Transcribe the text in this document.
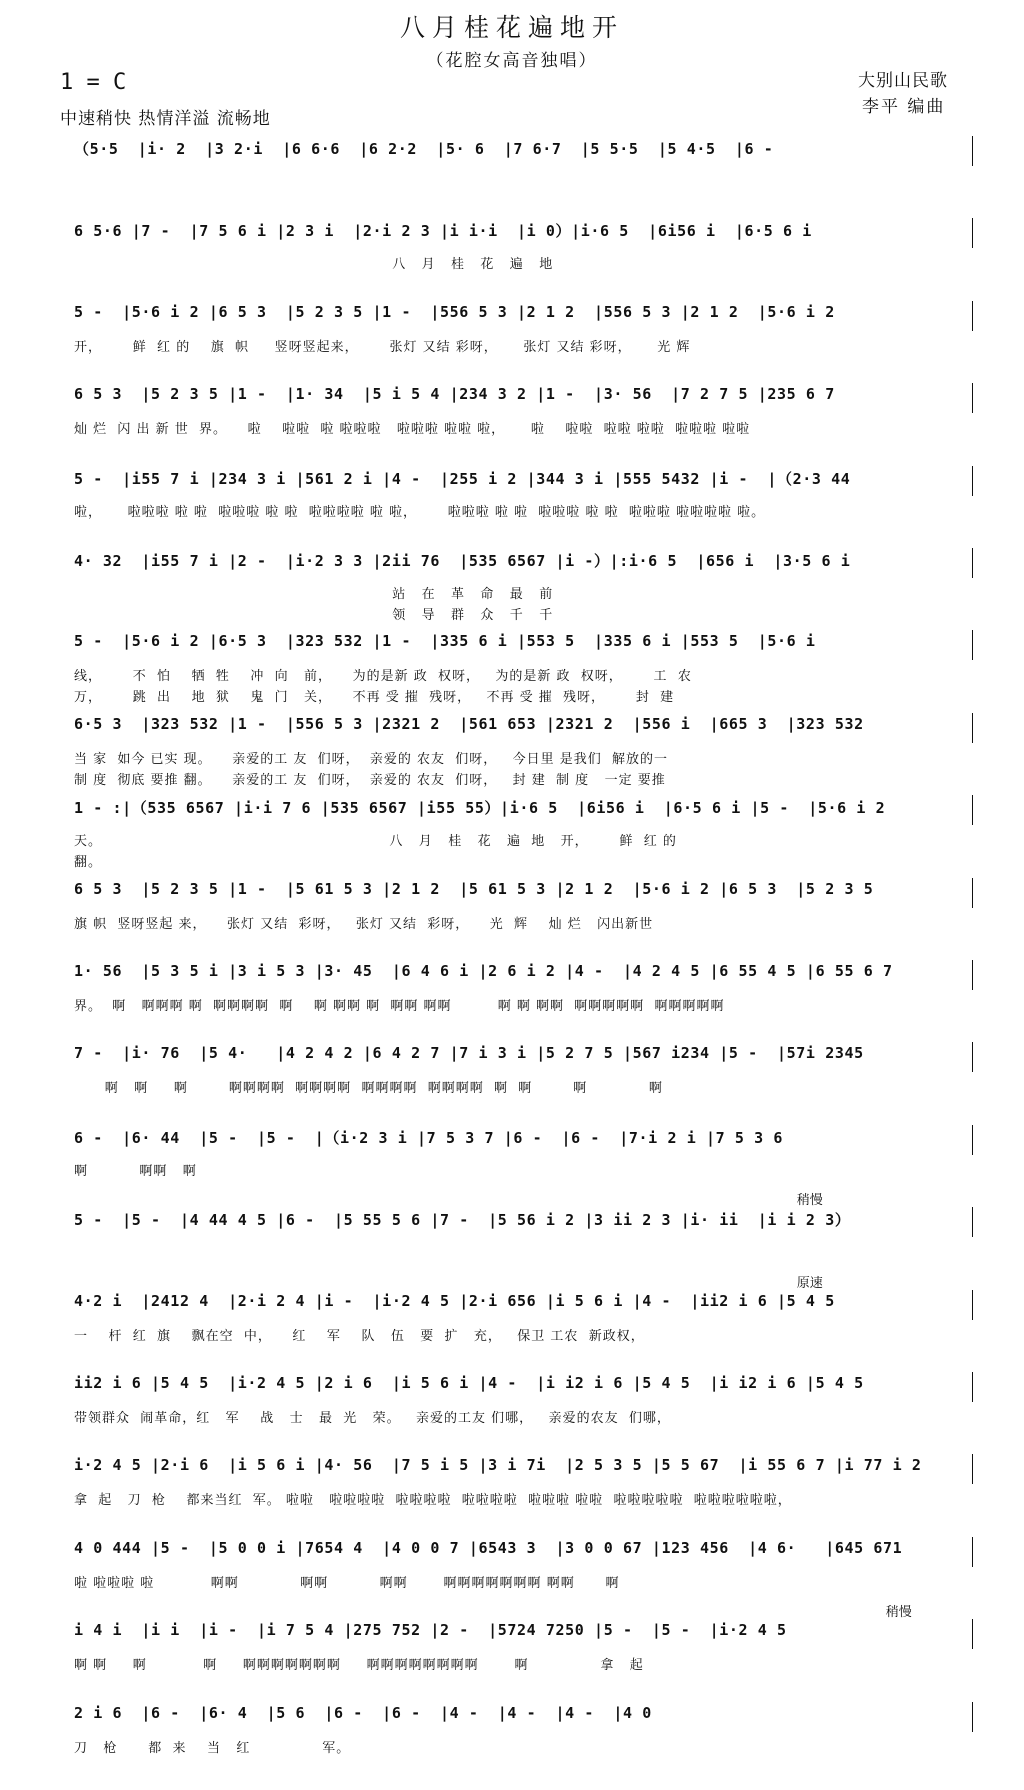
八月桂花遍地开
（花腔女高音独唱）
1 = C
中速稍快 热情洋溢 流畅地
大别山民歌
李平 编曲
（5·5  |i· 2  |3 2·i  |6 6·6  |6 2·2  |5· 6  |7 6·7  |5 5·5  |5 4·5  |6 -
6 5·6 |7 -  |7 5 6 i |2 3 i  |2·i 2 3 |i i·i  |i 0）|i·6 5  |6i56 i  |6·5 6 i
八   月   桂   花   遍   地
5 -  |5·6 i 2 |6 5 3  |5 2 3 5 |1 -  |556 5 3 |2 1 2  |556 5 3 |2 1 2  |5·6 i 2
开，      鲜  红 的    旗  帜     竖呀竖起来，      张灯 又结 彩呀，     张灯 又结 彩呀，     光 辉
6 5 3  |5 2 3 5 |1 -  |1· 34  |5 i 5 4 |234 3 2 |1 -  |3· 56  |7 2 7 5 |235 6 7
灿 烂  闪 出 新 世  界。    啦    啦啦  啦 啦啦啦   啦啦啦 啦啦 啦，     啦    啦啦  啦啦 啦啦  啦啦啦 啦啦
5 -  |i55 7 i |234 3 i |561 2 i |4 -  |255 i 2 |344 3 i |555 5432 |i -  |（2·3 44
啦，     啦啦啦 啦 啦  啦啦啦 啦 啦  啦啦啦啦 啦 啦，      啦啦啦 啦 啦  啦啦啦 啦 啦  啦啦啦 啦啦啦啦 啦。
4· 32  |i55 7 i |2 -  |i·2 3 3 |2ii 76  |535 6567 |i -）|:i·6 5  |656 i  |3·5 6 i
站   在   革   命   最   前
领   导   群   众   千   千
5 -  |5·6 i 2 |6·5 3  |323 532 |1 -  |335 6 i |553 5  |335 6 i |553 5  |5·6 i
线，      不  怕    牺  牲    冲  向   前，    为的是新 政  权呀，   为的是新 政  权呀，      工  农
万，      跳  出    地  狱    鬼  门   关，    不再 受 摧  残呀，   不再 受 摧  残呀，      封  建
6·5 3  |323 532 |1 -  |556 5 3 |2321 2  |561 653 |2321 2  |556 i  |665 3  |323 532
当 家  如今 已实 现。    亲爱的工 友  们呀，  亲爱的 农友  们呀，   今日里 是我们  解放的一
制 度  彻底 要推 翻。    亲爱的工 友  们呀，  亲爱的 农友  们呀，   封 建  制 度   一定 要推
1 - :|（535 6567 |i·i 7 6 |535 6567 |i55 55）|i·6 5  |6i56 i  |6·5 6 i |5 -  |5·6 i 2
天。                                                        八   月   桂   花   遍  地   开，      鲜  红 的
翻。
6 5 3  |5 2 3 5 |1 -  |5 61 5 3 |2 1 2  |5 61 5 3 |2 1 2  |5·6 i 2 |6 5 3  |5 2 3 5
旗 帜  竖呀竖起 来，    张灯 又结  彩呀，   张灯 又结  彩呀，    光  辉    灿 烂   闪出新世
1· 56  |5 3 5 i |3 i 5 3 |3· 45  |6 4 6 i |2 6 i 2 |4 -  |4 2 4 5 |6 55 4 5 |6 55 6 7
界。  啊   啊啊啊 啊  啊啊啊啊  啊    啊 啊啊 啊  啊啊 啊啊         啊 啊 啊啊  啊啊啊啊啊  啊啊啊啊啊
7 -  |i· 76  |5 4·   |4 2 4 2 |6 4 2 7 |7 i 3 i |5 2 7 5 |567 i234 |5 -  |57i 2345
啊   啊     啊        啊啊啊啊  啊啊啊啊  啊啊啊啊  啊啊啊啊  啊  啊        啊            啊
6 -  |6· 44  |5 -  |5 -  |（i·2 3 i |7 5 3 7 |6 -  |6 -  |7·i 2 i |7 5 3 6
啊          啊啊   啊
5 -  |5 -  |4 44 4 5 |6 -  |5 55 5 6 |7 -  |5 56 i 2 |3 ii 2 3 |i· ii  |i i 2 3）
稍慢
4·2 i  |2412 4  |2·i 2 4 |i -  |i·2 4 5 |2·i 656 |i 5 6 i |4 -  |ii2 i 6 |5 4 5
一    杆  红  旗    飘在空  中，    红    军    队   伍   要  扩   充，   保卫 工农  新政权，
原速
ii2 i 6 |5 4 5  |i·2 4 5 |2 i 6  |i 5 6 i |4 -  |i i2 i 6 |5 4 5  |i i2 i 6 |5 4 5
带领群众  闹革命，红   军    战   士   最  光   荣。   亲爱的工友 们哪，   亲爱的农友  们哪，
i·2 4 5 |2·i 6  |i 5 6 i |4· 56  |7 5 i 5 |3 i 7i  |2 5 3 5 |5 5 67  |i 55 6 7 |i 77 i 2
拿  起   刀  枪    都来当红  军。 啦啦   啦啦啦啦  啦啦啦啦  啦啦啦啦  啦啦啦 啦啦  啦啦啦啦啦  啦啦啦啦啦啦，
4 0 444 |5 -  |5 0 0 i |7654 4  |4 0 0 7 |6543 3  |3 0 0 67 |123 456  |4 6·   |645 671
啦 啦啦啦 啦           啊啊            啊啊          啊啊       啊啊啊啊啊啊啊 啊啊      啊
i 4 i  |i i  |i -  |i 7 5 4 |275 752 |2 -  |5724 7250 |5 -  |5 -  |i·2 4 5
啊 啊     啊           啊     啊啊啊啊啊啊啊     啊啊啊啊啊啊啊啊       啊              拿   起
稍慢
2 i 6  |6 -  |6· 4  |5 6  |6 -  |6 -  |4 -  |4 -  |4 -  |4 0
刀   枪      都  来    当   红              军。
